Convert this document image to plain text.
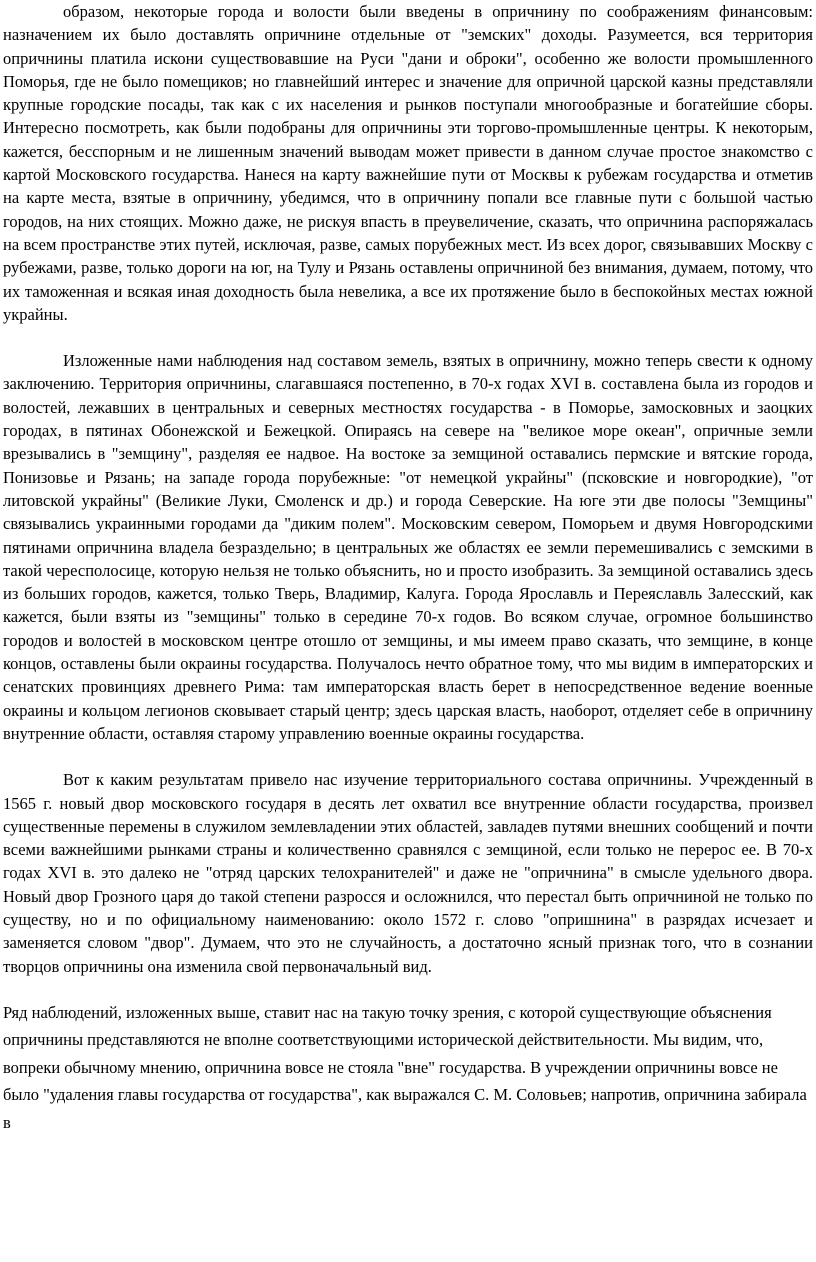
образом, некоторые города и волости были введены в опричнину по соображениям финансовым: назначением их было доставлять опричнине отдельные от "земских" доходы. Разумеется, вся территория опричнины платила искони существовавшие на Руси "дани и оброки", особенно же волости промышленного Поморья, где не было помещиков; но главнейший интерес и значение для опричной царской казны представляли крупные городские посады, так как с их населения и рынков поступали многообразные и богатейшие сборы. Интересно посмотреть, как были подобраны для опричнины эти торгово-промышленные центры. К некоторым, кажется, бесспорным и не лишенным значений выводам может привести в данном случае простое знакомство с картой Московского государства. Нанеся на карту важнейшие пути от Москвы к рубежам государства и отметив на карте места, взятые в опричнину, убедимся, что в опричнину попали все главные пути с большой частью городов, на них стоящих. Можно даже, не рискуя впасть в преувеличение, сказать, что опричнина распоряжалась на всем пространстве этих путей, исключая, разве, самых порубежных мест. Из всех дорог, связывавших Москву с рубежами, разве, только дороги на юг, на Тулу и Рязань оставлены опричниной без внимания, думаем, потому, что их таможенная и всякая иная доходность была невелика, а все их протяжение было в беспокойных местах южной украйны.

Изложенные нами наблюдения над составом земель, взятых в опричнину, можно теперь свести к одному заключению. Территория опричнины, слагавшаяся постепенно, в 70-х годах XVI в. составлена была из городов и волостей, лежавших в центральных и северных местностях государства - в Поморье, замосковных и заоцких городах, в пятинах Обонежской и Бежецкой. Опираясь на севере на "великое море океан", опричные земли врезывались в "земщину", разделяя ее надвое. На востоке за земщиной оставались пермские и вятские города, Понизовье и Рязань; на западе города порубежные: "от немецкой украйны" (псковские и новгородкие), "от литовской украйны" (Великие Луки, Смоленск и др.) и города Северские. На юге эти две полосы "Земщины" связывались украинными городами да "диким полем". Московским севером, Поморьем и двумя Новгородскими пятинами опричнина владела безраздельно; в центральных же областях ее земли перемешивались с земскими в такой чересполосице, которую нельзя не только объяснить, но и просто изобразить. За земщиной оставались здесь из больших городов, кажется, только Тверь, Владимир, Калуга. Города Ярославль и Переяславль Залесский, как кажется, были взяты из "земщины" только в середине 70-х годов. Во всяком случае, огромное большинство городов и волостей в московском центре отошло от земщины, и мы имеем право сказать, что земщине, в конце концов, оставлены были окраины государства. Получалось нечто обратное тому, что мы видим в императорских и сенатских провинциях древнего Рима: там императорская власть берет в непосредственное ведение военные окраины и кольцом легионов сковывает старый центр; здесь царская власть, наоборот, отделяет себе в опричнину внутренние области, оставляя старому управлению военные окраины государства.

Вот к каким результатам привело нас изучение территориального состава опричнины. Учрежденный в 1565 г. новый двор московского государя в десять лет охватил все внутренние области государства, произвел существенные перемены в служилом землевладении этих областей, завладев путями внешних сообщений и почти всеми важнейшими рынками страны и количественно сравнялся с земщиной, если только не перерос ее. В 70-х годах XVI в. это далеко не "отряд царских телохранителей" и даже не "опричнина" в смысле удельного двора. Новый двор Грозного царя до такой степени разросся и осложнился, что перестал быть опричниной не только по существу, но и по официальному наименованию: около 1572 г. слово "опришнина" в разрядах исчезает и заменяется словом "двор". Думаем, что это не случайность, а достаточно ясный признак того, что в сознании творцов опричнины она изменила свой первоначальный вид.

Ряд наблюдений, изложенных выше, ставит нас на такую точку зрения, с которой существующие объяснения опричнины представляются не вполне соответствующими исторической действительности. Мы видим, что, вопреки обычному мнению, опричнина вовсе не стояла "вне" государства. В учреждении опричнины вовсе не было "удаления главы государства от государства", как выражался С. М. Соловьев; напротив, опричнина забирала в
